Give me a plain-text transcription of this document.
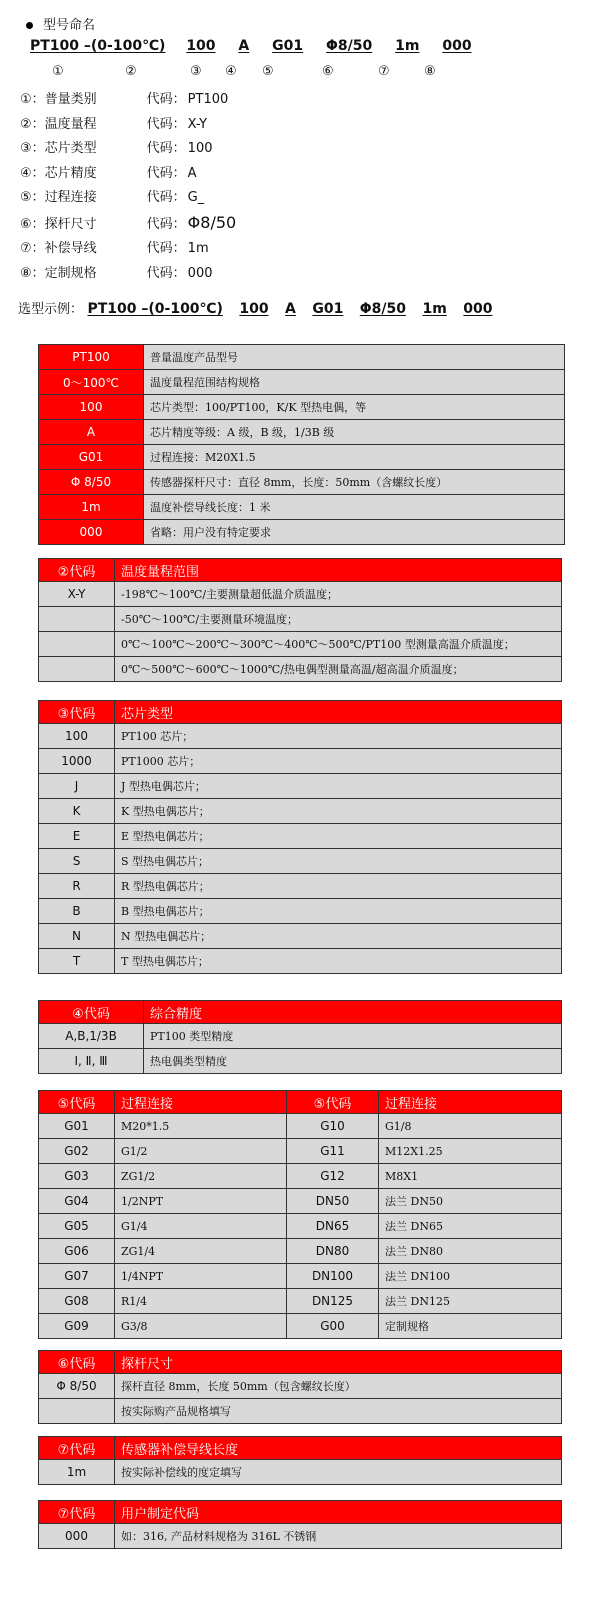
型号命名
PT100 –(0-100℃) 100 A G01 Φ8/50 1m 000
①	②	③ ④ ⑤	⑥	⑦	⑧
①：普量类别	代码： PT100
②：温度量程	代码： X-Y
③：芯片类型	代码： 100
④：芯片精度	代码： A
⑤：过程连接	代码： G_
⑥：探杆尺寸	代码： Φ8/50
⑦：补偿导线	代码： 1m
⑧：定制规格	代码： 000
选型示例： PT100 –(0-100℃) 100 A G01 Φ8/50 1m 000
PT100	普量温度产品型号
0～100℃	温度量程范围结构规格
100	芯片类型：100/PT100，K/K 型热电偶，等
A	芯片精度等级：A 级，B 级，1/3B 级
G01	过程连接：M20X1.5
Φ 8/50	传感器探杆尺寸：直径 8mm，长度：50mm（含螺纹长度）
1m	温度补偿导线长度：1 米
000	省略：用户没有特定要求
②代码	温度量程范围
X-Y	-198℃～100℃/主要测量超低温介质温度；
	-50℃～100℃/主要测量环境温度；
	0℃～100℃～200℃～300℃～400℃～500℃/PT100 型测量高温介质温度；
	0℃～500℃～600℃～1000℃/热电偶型测量高温/超高温介质温度；
③代码	芯片类型
100	PT100 芯片；
1000	PT1000 芯片；
J	J 型热电偶芯片；
K	K 型热电偶芯片；
E	E 型热电偶芯片；
S	S 型热电偶芯片；
R	R 型热电偶芯片；
B	B 型热电偶芯片；
N	N 型热电偶芯片；
T	T 型热电偶芯片；
④代码	综合精度
A,B,1/3B	PT100 类型精度
Ⅰ, Ⅱ, Ⅲ	热电偶类型精度
⑤代码	过程连接	⑤代码	过程连接
G01	M20*1.5	G10	G1/8
G02	G1/2	G11	M12X1.25
G03	ZG1/2	G12	M8X1
G04	1/2NPT	DN50	法兰 DN50
G05	G1/4	DN65	法兰 DN65
G06	ZG1/4	DN80	法兰 DN80
G07	1/4NPT	DN100	法兰 DN100
G08	R1/4	DN125	法兰 DN125
G09	G3/8	G00	定制规格
⑥代码	探杆尺寸
Φ 8/50	探杆直径 8mm，长度 50mm（包含螺纹长度）
	按实际购产品规格填写
⑦代码	传感器补偿导线长度
1m	按实际补偿线的度定填写
⑦代码	用户制定代码
000	如：316, 产品材料规格为 316L 不锈钢
